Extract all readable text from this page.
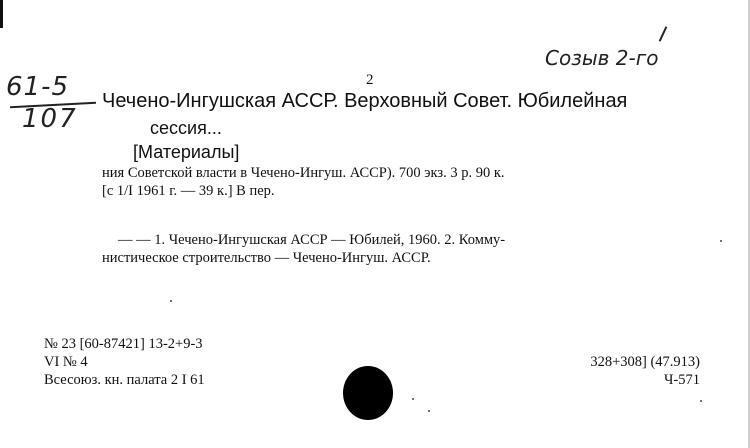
Созыв 2-го
61-5
107
2
Чечено-Ингушская АССР. Верховный Совет. Юбилейная
сессия...
[Материалы]
ния Советской власти в Чечено-Ингуш. АССР). 700 экз. 3 р. 90 к.
[с 1/I 1961 г. — 39 к.] В пер.
— — 1. Чечено-Ингушская АССР — Юбилей, 1960. 2. Комму-
нистическое строительство — Чечено-Ингуш. АССР.
№ 23 [60-87421] 13-2+9-3
VI № 4
Всесоюз. кн. палата 2 I 61
328+308] (47.913)
Ч-571
